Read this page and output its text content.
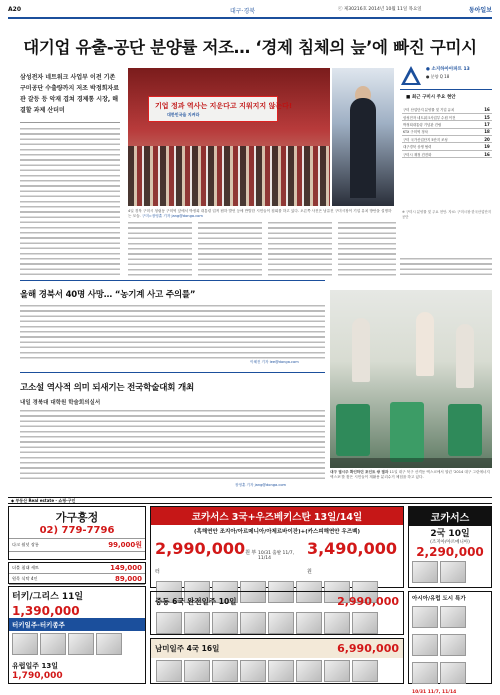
A20	대구·경북	ⓒ 제30216호 2014년 10월 11일 목요일	동아일보
대기업 유출-공단 분양률 저조… ‘경제 침체의 늪’에 빠진 구미시
삼성전자 네트워크 사업부 이전 기존 구미공단 수출량까지 저조 박정희자료관 갈등 등 악재 겹쳐 경제통 시장, 해결할 과제 산더미
기업 정과 역사는 지운다고 지워지지 않는다!
대한민국을 지켜라
4일 경북 구미시 청림동 구미역 앞에서 박정희 대통령 업적 폄하 발언 등에 반발한 시민들이 집회를 하고 있다. 오른쪽 사진은 남유진 구미시장이 기업 유치 방안을 설명하는 모습. 구미=장영훈 기자 jang@donga.com
● 소지하아아파트 13
● 분양 Q 18
■ 최근 구미시 주요 현안
구미 산업단지 분양률 및 기업 유치	16
삼성전자 네트워크사업부 수원 이전	15
박정희대통령 기념관 건립	17
KTX 구미역 정차	18
구미 국가산업단지 5단지 조성	20
대구경북 상생 협력	19
구미시 재정 건전화	16
※ 구미시 분양률 및 주요 현안. 자료: 구미시청·한국산업단지공단
올해 경북서 40명 사망… “농기계 사고 주의를”
이혜진 기자 lee@donga.com
고소설 역사적 의미 되새기는 전국학술대회 개최
내일 경북대 대학원 학술회의실서
장영훈 기자 jang@donga.com
대구 열시주 확인하던 포인트 쌍 결과 11일 대구 북구 산격동 엑스코에서 열린 ‘2014 대구 그린에너지 엑스포’를 찾은 시민들이 재활용 분리수거 체험을 하고 있다.
◆ 부동산 Real estate · 쇼핑·구인
가구흥정
02) 779-7796
다크 월넛 장롱	99,000원
더블 침대 세트	149,000
원목 식탁 4인	89,000
터키/그리스 11일
1,390,000
터키일주-터키종주
유럽일주 13일
1,790,000
코카서스 3국+우즈베키스탄 13일/14일
(흑해연안 조지아/아르메니아/아제르바이잔)+(카스피해연안 우즈벡)
2,990,000원 부터
10/31 출발 11/7, 11/14
3,490,000원
중동 6국 완전일주 10일	2,990,000
남미일주 4국 16일	6,990,000
코카서스
2국 10일
(조지아/아르메니아)
2,290,000
아시아/유럽 도시 특가
10/31 11/7, 11/14
